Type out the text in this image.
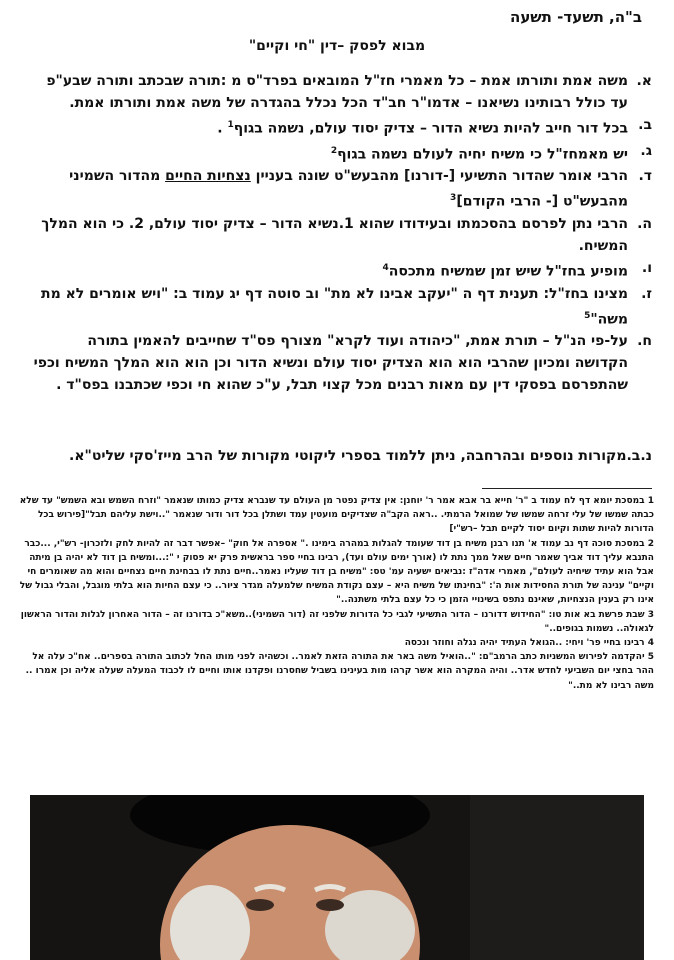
ב"ה, תשעד- תשעה
מבוא לפסק –דין "חי וקיים"
א.
משה אמת ותורתו אמת – כל מאמרי חז"ל המובאים בפרד"ס מ :תורה שבכתב ותורה שבע"פ עד כולל רבותינו נשיאנו – אדמו"ר חב"ד הכל נכלל בהגדרה של משה אמת ותורתו אמת.
ב.
בכל דור חייב להיות נשיא הדור – צדיק יסוד עולם, נשמה בגוף$^1$ .
ג.
יש מאמחז"ל כי משיח יחיה לעולם נשמה בגוף$^2$
ד.
הרבי אומר שהדור התשיעי [-דורנו] מהבעש"ט שונה בעניין נצחיות החיים מהדור השמיני מהבעש"ט [- הרבי הקודם]$^3$
ה.
הרבי נתן לפרסם בהסכמתו ובעידודו שהוא 1.נשיא הדור – צדיק יסוד עולם, 2. כי הוא המלך המשיח.
ו.
מופיע בחז"ל שיש זמן שמשיח מתכסה$^4$
ז.
מצינו בחז"ל: תענית דף ה "יעקב אבינו לא מת" וב סוטה דף יג עמוד ב: "ויש אומרים לא מת משה"$^5$
ח.
על-פי הנ"ל – תורת אמת, "כיהודה ועוד לקרא" מצורף פס"ד שחייבים להאמין בתורה הקדושה ומכיון שהרבי הוא הוא הצדיק יסוד עולם ונשיא הדור וכן הוא הוא המלך המשיח וכפי שהתפרסם בפסקי דין עם מאות רבנים מכל קצוי תבל, ע"כ שהוא חי וכפי שכתבנו בפס"ד .
נ.ב.מקורות נוספים ובהרחבה, ניתן ללמוד בספרי ליקוטי מקורות של הרב מייז'סקי שליט"א.

1 במסכת יומא דף לח עמוד ב "ר' חייא בר אבא אמר ר' יוחנן: אין צדיק נפטר מן העולם עד שנברא צדיק כמותו שנאמר "וזרח השמש ובא השמש" עד שלא כבתה שמשו של עלי זרחה שמשו של שמואל הרמתי. ..ראה הקב"ה שצדיקים מועטין עמד ושתלן בכל דור ודור שנאמר "..וישת עליהם תבל"[פירוש בכל הדורות להיות שתות וקיום יסוד לקיים תבל –רש"י]

2 במסכת סוכה דף נב עמוד א' תנו רבנן משיח בן דוד שעומד להגלות במהרה בימינו ." אספרה אל חוק" –אפשר דבר זה להיות לחק ולזכרון- רש"י, ...כבר התנבא עליך דוד אביך שאמר חיים שאל ממך נתת לו (אורך ימים עולם ועד), רבינו בחיי ספר בראשית פרק יא פסוק י ":...ומשיח בן דוד לא יהיה בן מיתה אבל הוא עתיד שיחיה לעולם", מאמרי אדה"ז :נביאים ישעיה עמ' טס: "משיח בן דוד שעליו נאמר..חיים נתת לו בבחינת חיים נצחיים והוא מה שאומרים חי וקיים" ענינה של תורת החסידות אות ה': "בחינתו של משיח היא – עצם נקודת המשיח שלמעלה מגדר ציור.. כי עצם החיות הוא בלתי מוגבל, והבלי גבול של אינו רק בענין הנצחיות, שאינם נתפס בשינויי הזמן כי כל עצם בלתי משתנה.."

3 שבת פרשת בא אות טו: "החידוש דדורנו – הדור התשיעי לגבי כל הדורות שלפני זה (דור השמיני)..משא"כ בדורנו זה – הדור האחרון לגלות והדור הראשון לגאולה.. נשמות בגופים.."

4 רבינו בחיי פר' ויחי: ..הגואל העתיד יהיה נגלה וחוזר ונכסה

5 יהקדמה לפירוש המשניות כתב הרמב"ם: "..הואיל משה באר את התורה הזאת לאמר.. וכשהיה לפני מותו החל לכתוב התורה בספרים.. אח"כ עלה אל ההר בחצי יום השביעי לחדש אדר.. והיה המקרה הוא אשר קרהו מות בעינינו בשביל שחסרנו ופקדנו אותו וחיים לו לכבוד המעלה שעלה אליה וכן אמרו .. משה רבינו לא מת.."
